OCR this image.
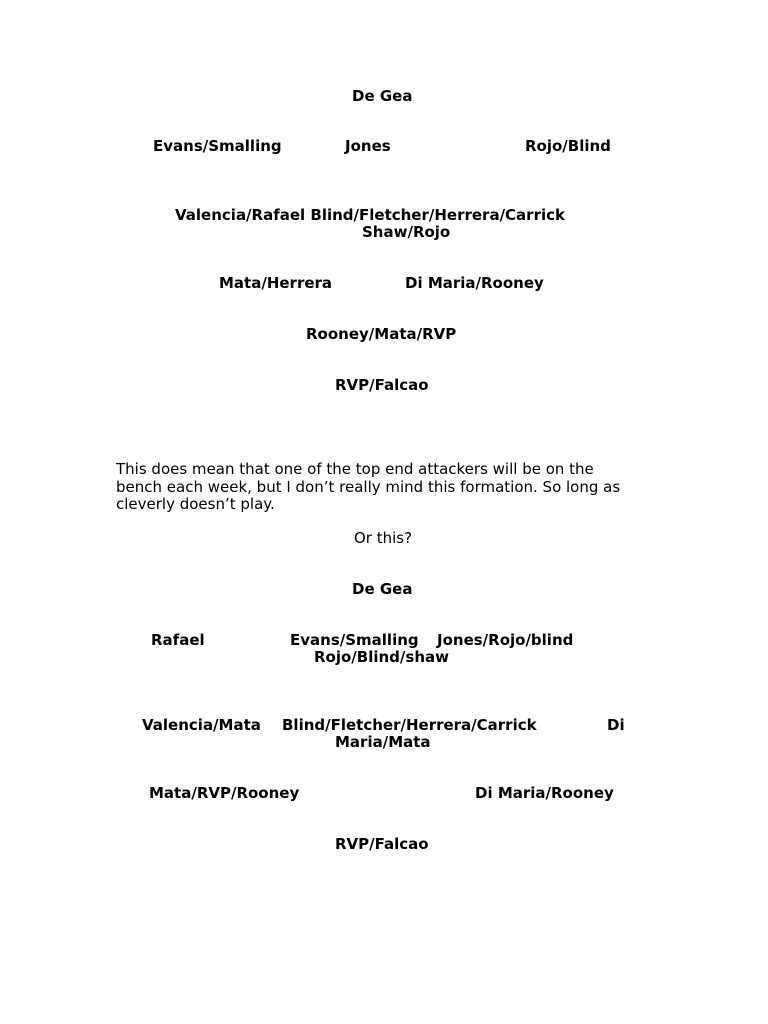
De Gea
Evans/Smalling	Jones	Rojo/Blind
Valencia/Rafael Blind/Fletcher/Herrera/Carrick
Shaw/Rojo
Mata/Herrera	Di Maria/Rooney
Rooney/Mata/RVP
RVP/Falcao
This does mean that one of the top end attackers will be on the
bench each week, but I don’t really mind this formation. So long as
cleverly doesn’t play.
Or this?
De Gea
Rafael	Evans/Smalling Jones/Rojo/blind
Rojo/Blind/shaw
Valencia/Mata Blind/Fletcher/Herrera/Carrick	Di
Maria/Mata
Mata/RVP/Rooney	Di Maria/Rooney
RVP/Falcao
